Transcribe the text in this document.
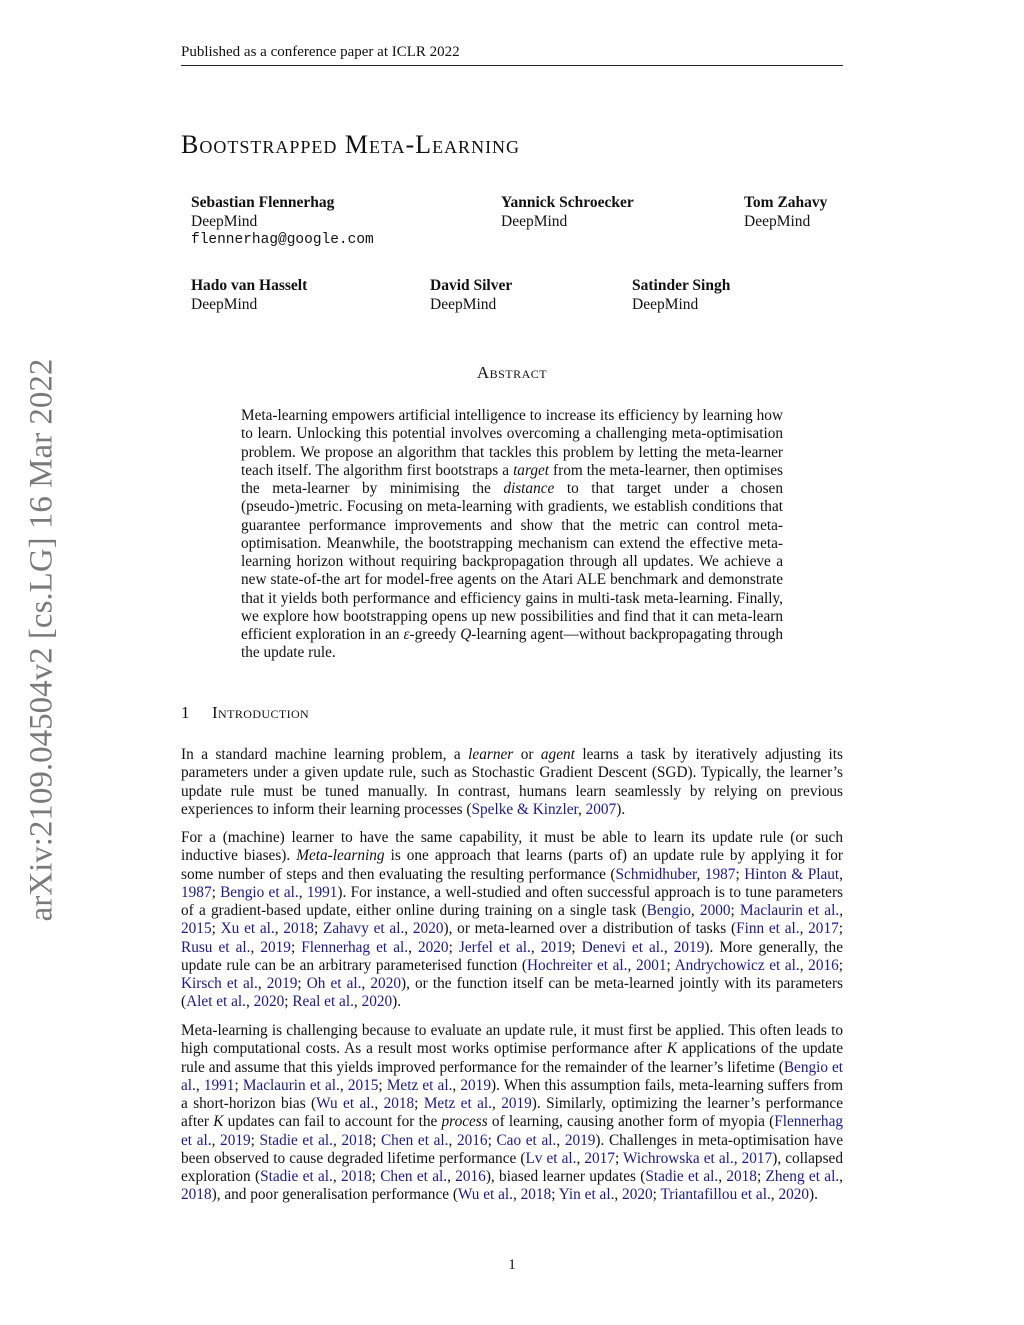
arXiv:2109.04504v2 [cs.LG] 16 Mar 2022
Published as a conference paper at ICLR 2022
Bootstrapped Meta-Learning
Sebastian Flennerhag
DeepMind
flennerhag@google.com
Yannick Schroecker
DeepMind
Tom Zahavy
DeepMind
Hado van Hasselt
DeepMind
David Silver
DeepMind
Satinder Singh
DeepMind
Abstract
Meta-learning empowers artificial intelligence to increase its efficiency by learning how to learn. Unlocking this potential involves overcoming a challenging meta-optimisation problem. We propose an algorithm that tackles this problem by letting the meta-learner teach itself. The algorithm first bootstraps a target from the meta-learner, then optimises the meta-learner by minimising the distance to that target under a chosen (pseudo-)metric. Focusing on meta-learning with gradients, we establish conditions that guarantee performance improvements and show that the metric can control meta-optimisation. Meanwhile, the bootstrapping mechanism can extend the effective meta-learning horizon without requiring backpropagation through all updates. We achieve a new state-of-the art for model-free agents on the Atari ALE benchmark and demonstrate that it yields both performance and efficiency gains in multi-task meta-learning. Finally, we explore how bootstrapping opens up new possibilities and find that it can meta-learn efficient exploration in an ε-greedy Q-learning agent—without backpropagating through the update rule.
1 Introduction
In a standard machine learning problem, a learner or agent learns a task by iteratively adjusting its parameters under a given update rule, such as Stochastic Gradient Descent (SGD). Typically, the learner’s update rule must be tuned manually. In contrast, humans learn seamlessly by relying on previous experiences to inform their learning processes (Spelke & Kinzler, 2007).
For a (machine) learner to have the same capability, it must be able to learn its update rule (or such inductive biases). Meta-learning is one approach that learns (parts of) an update rule by applying it for some number of steps and then evaluating the resulting performance (Schmidhuber, 1987; Hinton & Plaut, 1987; Bengio et al., 1991). For instance, a well-studied and often successful approach is to tune parameters of a gradient-based update, either online during training on a single task (Bengio, 2000; Maclaurin et al., 2015; Xu et al., 2018; Zahavy et al., 2020), or meta-learned over a distribution of tasks (Finn et al., 2017; Rusu et al., 2019; Flennerhag et al., 2020; Jerfel et al., 2019; Denevi et al., 2019). More generally, the update rule can be an arbitrary parameterised function (Hochreiter et al., 2001; Andrychowicz et al., 2016; Kirsch et al., 2019; Oh et al., 2020), or the function itself can be meta-learned jointly with its parameters (Alet et al., 2020; Real et al., 2020).
Meta-learning is challenging because to evaluate an update rule, it must first be applied. This often leads to high computational costs. As a result most works optimise performance after K applications of the update rule and assume that this yields improved performance for the remainder of the learner’s lifetime (Bengio et al., 1991; Maclaurin et al., 2015; Metz et al., 2019). When this assumption fails, meta-learning suffers from a short-horizon bias (Wu et al., 2018; Metz et al., 2019). Similarly, optimizing the learner’s performance after K updates can fail to account for the process of learning, causing another form of myopia (Flennerhag et al., 2019; Stadie et al., 2018; Chen et al., 2016; Cao et al., 2019). Challenges in meta-optimisation have been observed to cause degraded lifetime performance (Lv et al., 2017; Wichrowska et al., 2017), collapsed exploration (Stadie et al., 2018; Chen et al., 2016), biased learner updates (Stadie et al., 2018; Zheng et al., 2018), and poor generalisation performance (Wu et al., 2018; Yin et al., 2020; Triantafillou et al., 2020).
1
